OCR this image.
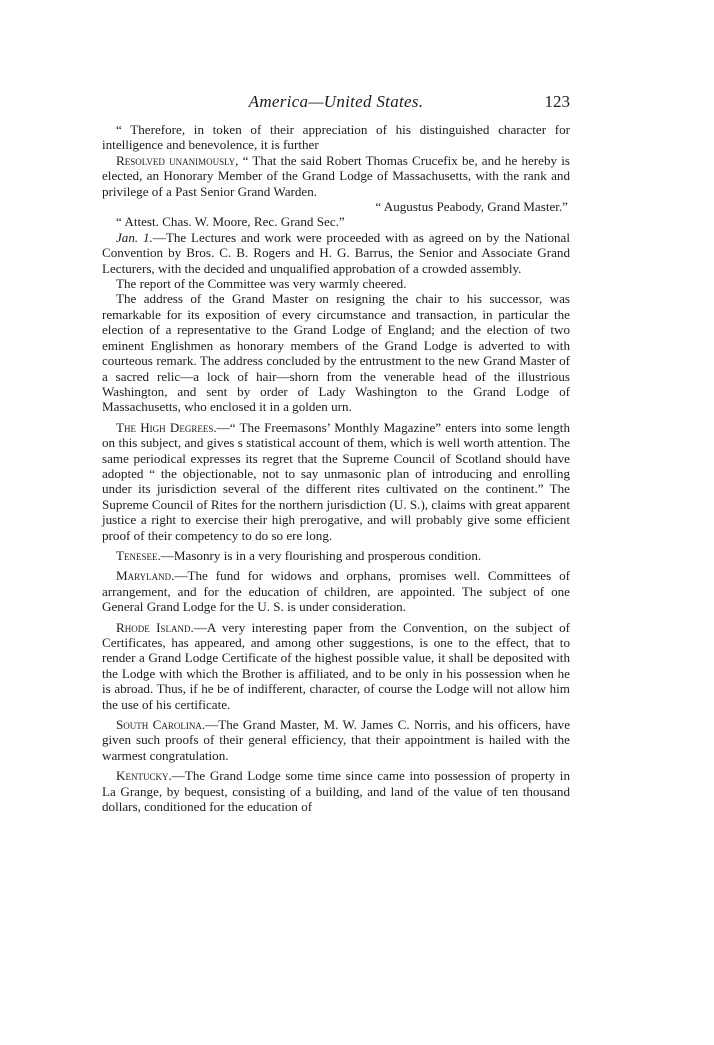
America—United States.	123

“ Therefore, in token of their appreciation of his distinguished character for intelligence and benevolence, it is further

Resolved unanimously, “ That the said Robert Thomas Crucefix be, and he hereby is elected, an Honorary Member of the Grand Lodge of Massachusetts, with the rank and privilege of a Past Senior Grand Warden.

“ Augustus Peabody, Grand Master.”

“ Attest. Chas. W. Moore, Rec. Grand Sec.”

Jan. 1.—The Lectures and work were proceeded with as agreed on by the National Convention by Bros. C. B. Rogers and H. G. Barrus, the Senior and Associate Grand Lecturers, with the decided and unqualified approbation of a crowded assembly.

The report of the Committee was very warmly cheered.

The address of the Grand Master on resigning the chair to his successor, was remarkable for its exposition of every circumstance and transaction, in particular the election of a representative to the Grand Lodge of England; and the election of two eminent Englishmen as honorary members of the Grand Lodge is adverted to with courteous remark. The address concluded by the entrustment to the new Grand Master of a sacred relic—a lock of hair—shorn from the venerable head of the illustrious Washington, and sent by order of Lady Washington to the Grand Lodge of Massachusetts, who enclosed it in a golden urn.

The High Degrees.—“ The Freemasons’ Monthly Magazine” enters into some length on this subject, and gives s statistical account of them, which is well worth attention. The same periodical expresses its regret that the Supreme Council of Scotland should have adopted “ the objectionable, not to say unmasonic plan of introducing and enrolling under its jurisdiction several of the different rites cultivated on the continent.” The Supreme Council of Rites for the northern jurisdiction (U. S.), claims with great apparent justice a right to exercise their high prerogative, and will probably give some efficient proof of their competency to do so ere long.

Tenesee.—Masonry is in a very flourishing and prosperous condition.

Maryland.—The fund for widows and orphans, promises well. Committees of arrangement, and for the education of children, are appointed. The subject of one General Grand Lodge for the U. S. is under consideration.

Rhode Island.—A very interesting paper from the Convention, on the subject of Certificates, has appeared, and among other suggestions, is one to the effect, that to render a Grand Lodge Certificate of the highest possible value, it shall be deposited with the Lodge with which the Brother is affiliated, and to be only in his possession when he is abroad. Thus, if he be of indifferent, character, of course the Lodge will not allow him the use of his certificate.

South Carolina.—The Grand Master, M. W. James C. Norris, and his officers, have given such proofs of their general efficiency, that their appointment is hailed with the warmest congratulation.

Kentucky.—The Grand Lodge some time since came into possession of property in La Grange, by bequest, consisting of a building, and land of the value of ten thousand dollars, conditioned for the education of
